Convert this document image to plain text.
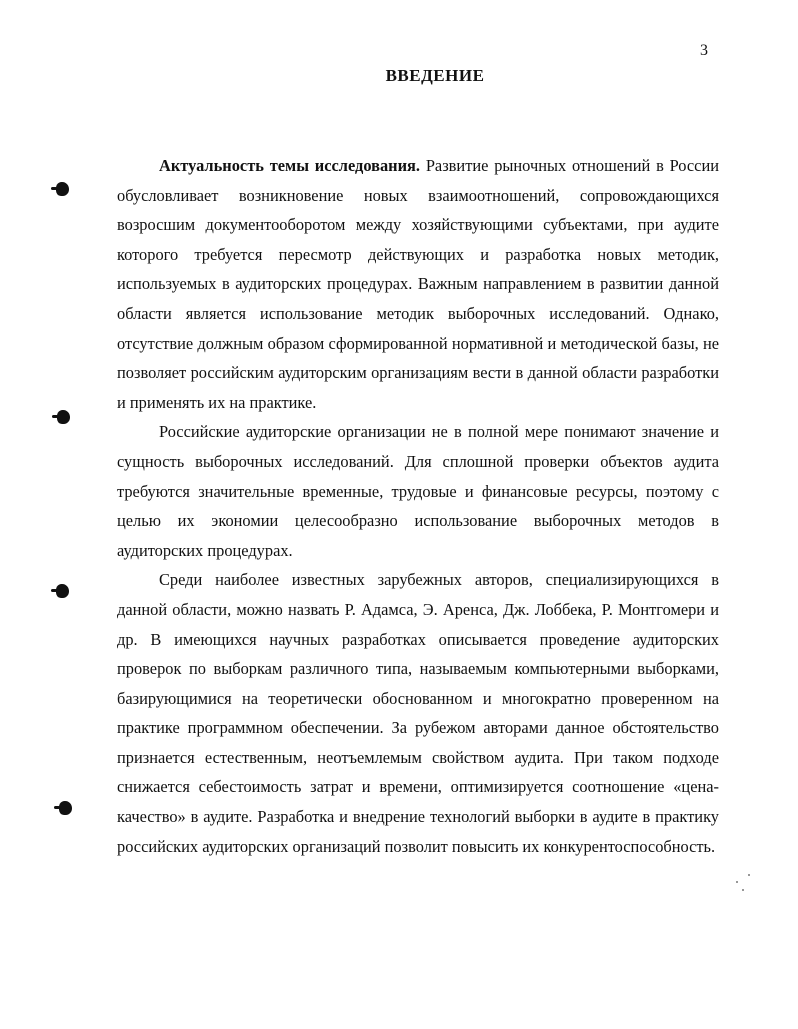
3
ВВЕДЕНИЕ

Актуальность темы исследования. Развитие рыночных отношений в России обусловливает возникновение новых взаимоотношений, сопровождающихся возросшим документооборотом между хозяйствующими субъектами, при аудите которого требуется пересмотр действующих и разработка новых методик, используемых в аудиторских процедурах. Важным направлением в развитии данной области является использование методик выборочных исследований. Однако, отсутствие должным образом сформированной нормативной и методической базы, не позволяет российским аудиторским организациям вести в данной области разработки и применять их на практике.

Российские аудиторские организации не в полной мере понимают значение и сущность выборочных исследований. Для сплошной проверки объектов аудита требуются значительные временные, трудовые и финансовые ресурсы, поэтому с целью их экономии целесообразно использование выборочных методов в аудиторских процедурах.

Среди наиболее известных зарубежных авторов, специализирующихся в данной области, можно назвать Р. Адамса, Э. Аренса, Дж. Лоббека, Р. Монтгомери и др. В имеющихся научных разработках описывается проведение аудиторских проверок по выборкам различного типа, называемым компьютерными выборками, базирующимися на теоретически обоснованном и многократно проверенном на практике программном обеспечении. За рубежом авторами данное обстоятельство признается естественным, неотъемлемым свойством аудита. При таком подходе снижается себестоимость затрат и времени, оптимизируется соотношение «цена-качество» в аудите. Разработка и внедрение технологий выборки в аудите в практику российских аудиторских организаций позволит повысить их конкурентоспособность.
